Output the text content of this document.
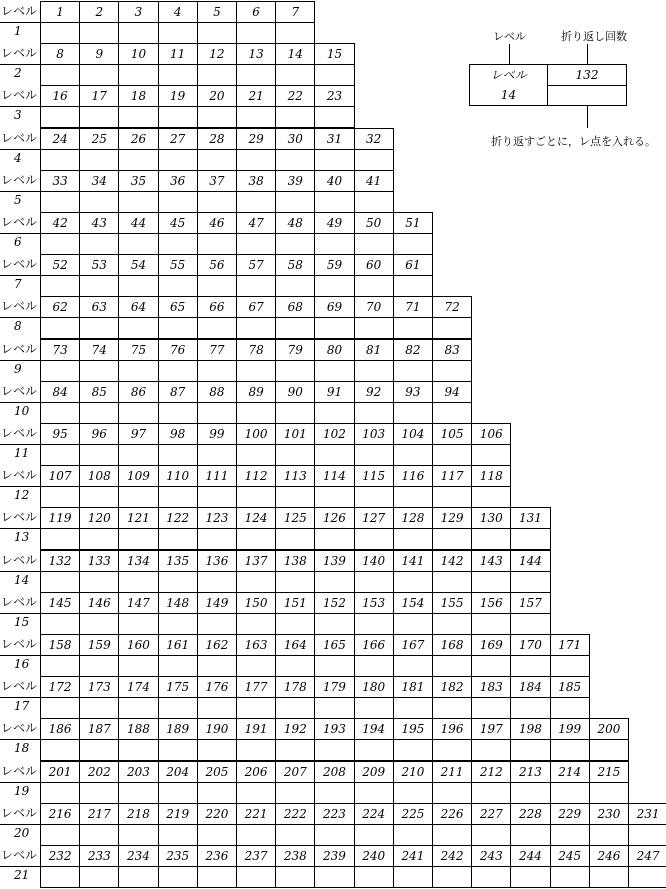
レベル
1
1	2	3	4	5	6	7
レベル
2
8	9	10	11	12	13	14	15
レベル
3
16	17	18	19	20	21	22	23
レベル
4
24	25	26	27	28	29	30	31	32
レベル
5
33	34	35	36	37	38	39	40	41
レベル
6
42	43	44	45	46	47	48	49	50	51
レベル
7
52	53	54	55	56	57	58	59	60	61
レベル
8
62	63	64	65	66	67	68	69	70	71	72
レベル
9
73	74	75	76	77	78	79	80	81	82	83
レベル
10
84	85	86	87	88	89	90	91	92	93	94
レベル
11
95	96	97	98	99	100	101	102	103	104	105	106
レベル
12
107	108	109	110	111	112	113	114	115	116	117	118
レベル
13
119	120	121	122	123	124	125	126	127	128	129	130	131
レベル
14
132	133	134	135	136	137	138	139	140	141	142	143	144
レベル
15
145	146	147	148	149	150	151	152	153	154	155	156	157
レベル
16
158	159	160	161	162	163	164	165	166	167	168	169	170	171
レベル
17
172	173	174	175	176	177	178	179	180	181	182	183	184	185
レベル
18
186	187	188	189	190	191	192	193	194	195	196	197	198	199	200
レベル
19
201	202	203	204	205	206	207	208	209	210	211	212	213	214	215
レベル
20
216	217	218	219	220	221	222	223	224	225	226	227	228	229	230	231
レベル
21
232	233	234	235	236	237	238	239	240	241	242	243	244	245	246	247
レベル	折り返し回数
レベル
14
132
折り返すごとに，レ点を入れる。
